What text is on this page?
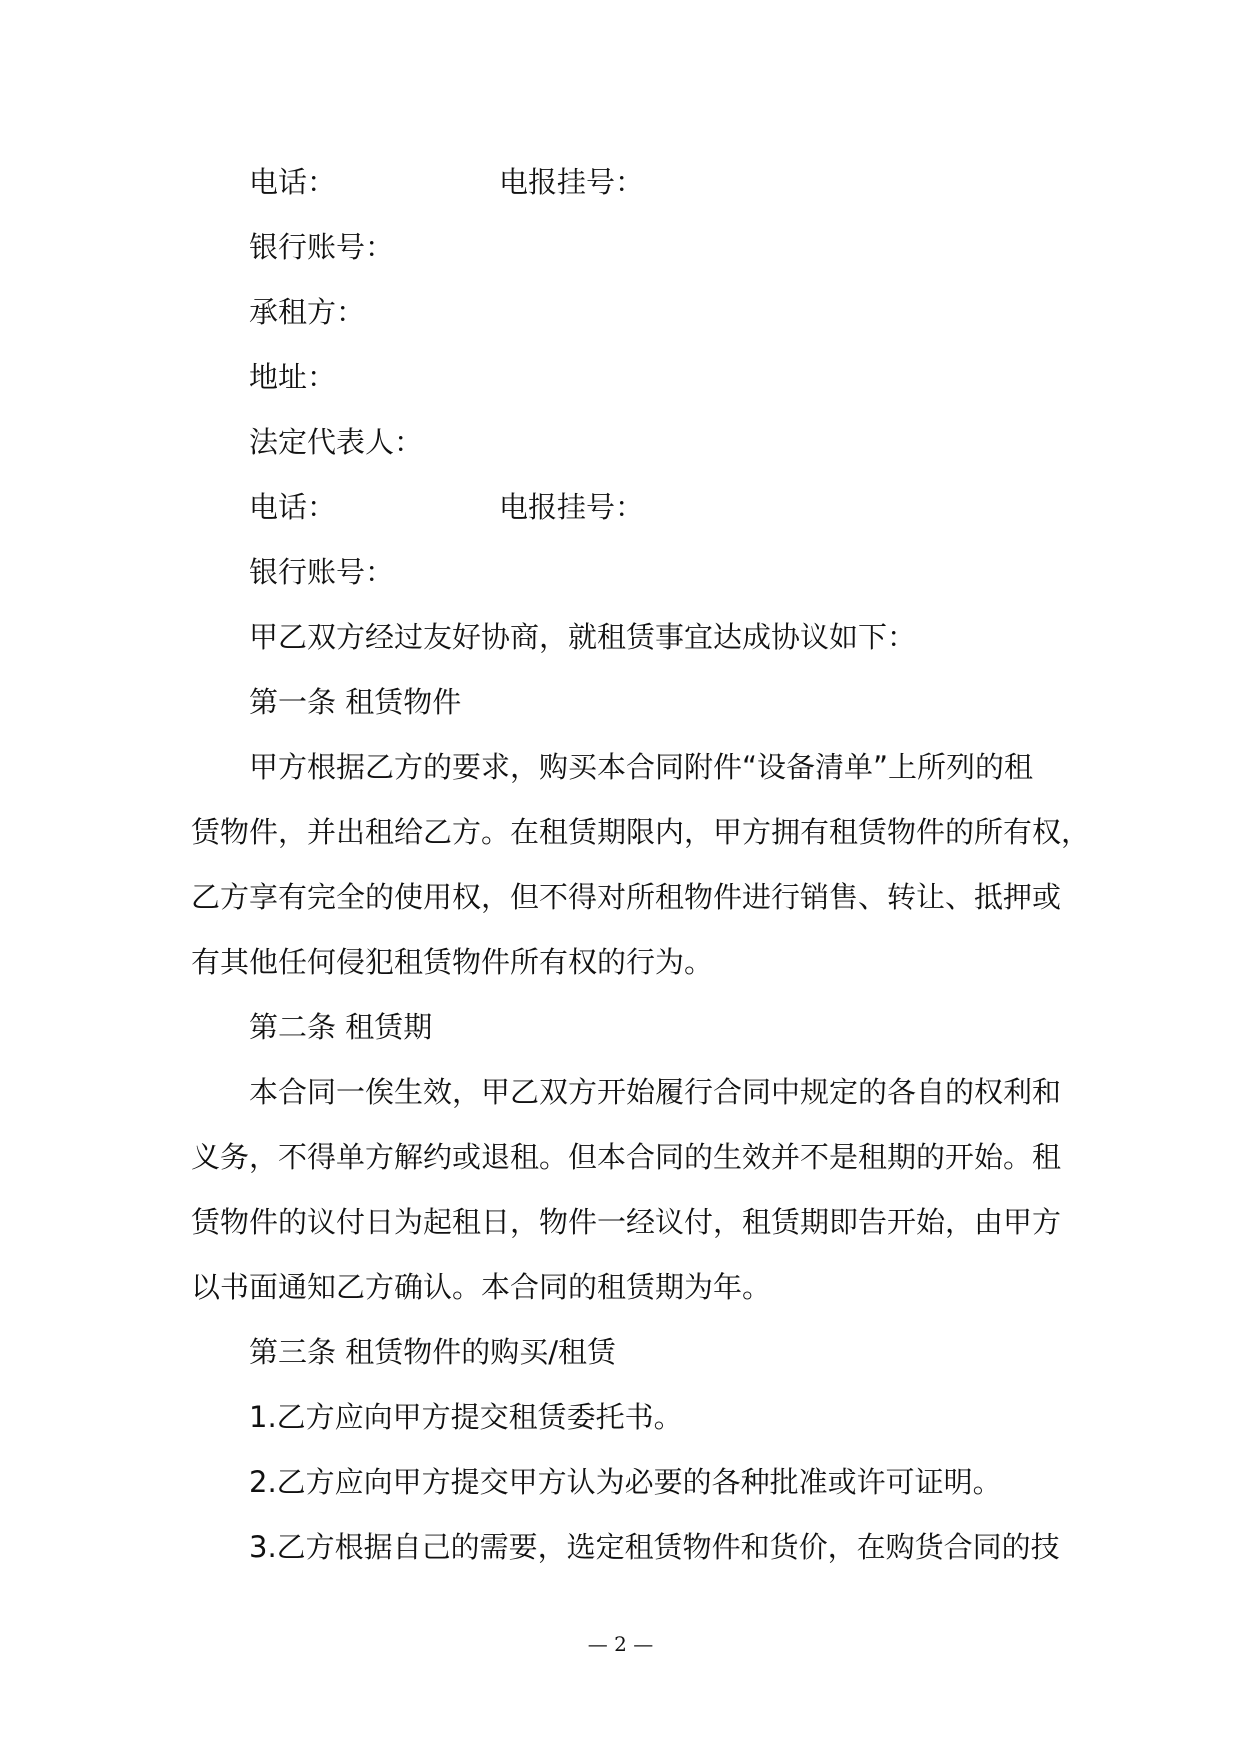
电话：	电报挂号：
银行账号：
承租方：
地址：
法定代表人：
电话：	电报挂号：
银行账号：
甲乙双方经过友好协商，就租赁事宜达成协议如下：
第一条 租赁物件
甲方根据乙方的要求，购买本合同附件“设备清单”上所列的租
赁物件，并出租给乙方。在租赁期限内，甲方拥有租赁物件的所有权，
乙方享有完全的使用权，但不得对所租物件进行销售、转让、抵押或
有其他任何侵犯租赁物件所有权的行为。
第二条 租赁期
本合同一俟生效，甲乙双方开始履行合同中规定的各自的权利和
义务，不得单方解约或退租。但本合同的生效并不是租期的开始。租
赁物件的议付日为起租日，物件一经议付，租赁期即告开始，由甲方
以书面通知乙方确认。本合同的租赁期为年。
第三条 租赁物件的购买/租赁
1.乙方应向甲方提交租赁委托书。
2.乙方应向甲方提交甲方认为必要的各种批准或许可证明。
3.乙方根据自己的需要，选定租赁物件和货价，在购货合同的技
— 2 —
